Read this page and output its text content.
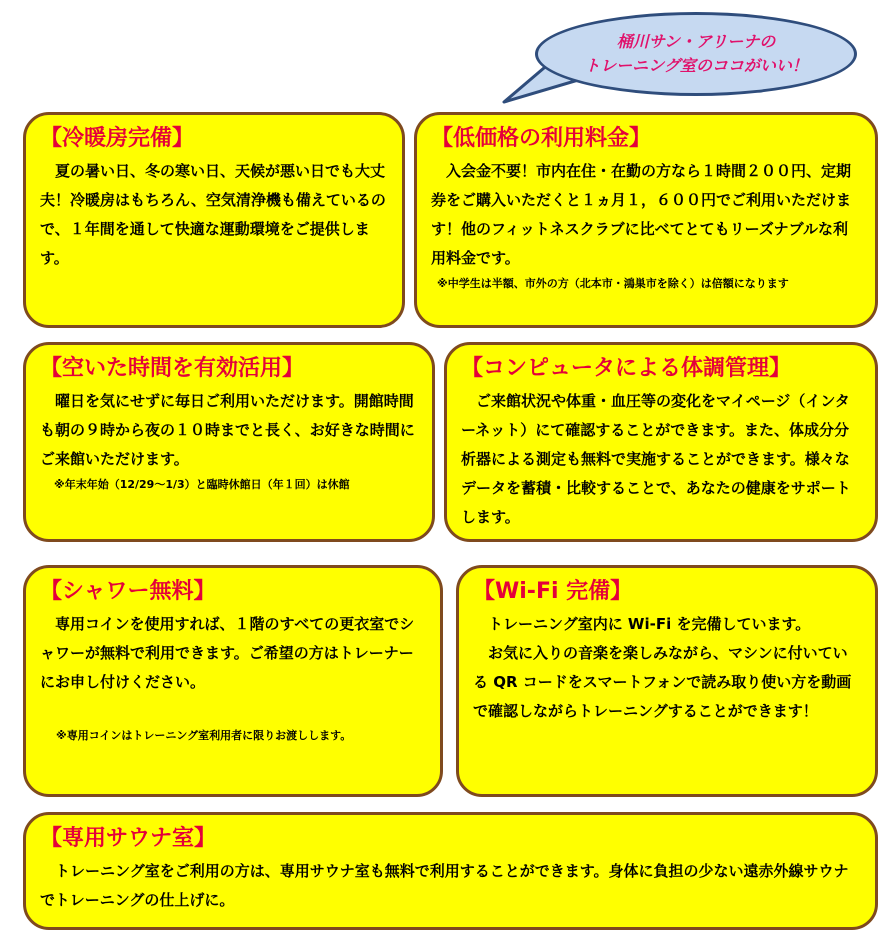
桶川サン・アリーナの
トレーニング室のココがいい！
【冷暖房完備】

夏の暑い日、冬の寒い日、天候が悪い日でも大丈夫！冷暖房はもちろん、空気清浄機も備えているので、１年間を通して快適な運動環境をご提供します。

【低価格の利用料金】

入会金不要！市内在住・在勤の方なら１時間２００円、定期券をご購入いただくと１ヵ月１，６００円でご利用いただけます！他のフィットネスクラブに比べてとてもリーズナブルな利用料金です。

※中学生は半額、市外の方（北本市・鴻巣市を除く）は倍額になります
【空いた時間を有効活用】

曜日を気にせずに毎日ご利用いただけます。開館時間も朝の９時から夜の１０時までと長く、お好きな時間にご来館いただけます。

※年末年始（12/29～1/3）と臨時休館日（年１回）は休館
【コンピュータによる体調管理】

ご来館状況や体重・血圧等の変化をマイページ（インターネット）にて確認することができます。また、体成分分析器による測定も無料で実施することができます。様々なデータを蓄積・比較することで、あなたの健康をサポートします。

【シャワー無料】

専用コインを使用すれば、１階のすべての更衣室でシャワーが無料で利用できます。ご希望の方はトレーナーにお申し付けください。

※専用コインはトレーニング室利用者に限りお渡しします。
【Wi-Fi 完備】

トレーニング室内に Wi-Fi を完備しています。
お気に入りの音楽を楽しみながら、マシンに付いている QR コードをスマートフォンで読み取り使い方を動画で確認しながらトレーニングすることができます！

【専用サウナ室】

トレーニング室をご利用の方は、専用サウナ室も無料で利用することができます。身体に負担の少ない遠赤外線サウナでトレーニングの仕上げに。
